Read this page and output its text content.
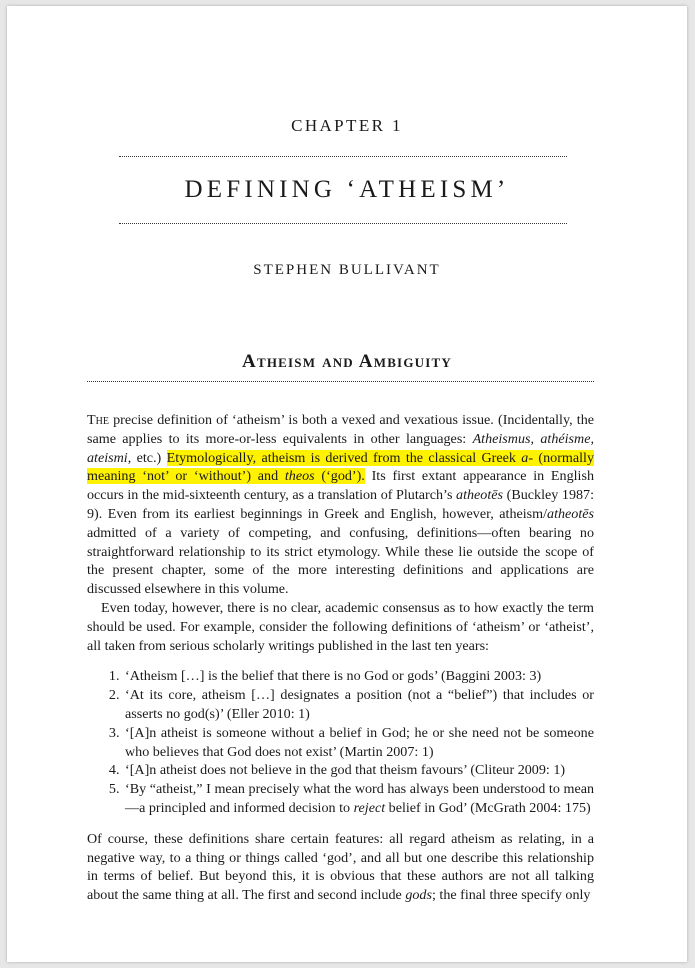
CHAPTER 1
DEFINING ‘ATHEISM’
STEPHEN BULLIVANT
Atheism and Ambiguity

The precise definition of ‘atheism’ is both a vexed and vexatious issue. (Incidentally, the same applies to its more-or-less equivalents in other languages: Atheismus, athéisme, ateismi, etc.) Etymologically, atheism is derived from the classical Greek a- (normally meaning ‘not’ or ‘without’) and theos (‘god’). Its first extant appearance in English occurs in the mid-sixteenth century, as a translation of Plutarch’s atheotēs (Buckley 1987: 9). Even from its earliest beginnings in Greek and English, however, atheism/atheotēs admitted of a variety of competing, and confusing, definitions—often bearing no straightforward relationship to its strict etymology. While these lie outside the scope of the present chapter, some of the more interesting definitions and applications are discussed elsewhere in this volume.

Even today, however, there is no clear, academic consensus as to how exactly the term should be used. For example, consider the following definitions of ‘atheism’ or ‘atheist’, all taken from serious scholarly writings published in the last ten years:

1. ‘Atheism […] is the belief that there is no God or gods’ (Baggini 2003: 3)
2. ‘At its core, atheism […] designates a position (not a “belief”) that includes or asserts no god(s)’ (Eller 2010: 1)
3. ‘[A]n atheist is someone without a belief in God; he or she need not be someone who believes that God does not exist’ (Martin 2007: 1)
4. ‘[A]n atheist does not believe in the god that theism favours’ (Cliteur 2009: 1)
5. ‘By “atheist,” I mean precisely what the word has always been understood to mean—a principled and informed decision to reject belief in God’ (McGrath 2004: 175)

Of course, these definitions share certain features: all regard atheism as relating, in a negative way, to a thing or things called ‘god’, and all but one describe this relationship in terms of belief. But beyond this, it is obvious that these authors are not all talking about the same thing at all. The first and second include gods; the final three specify only
